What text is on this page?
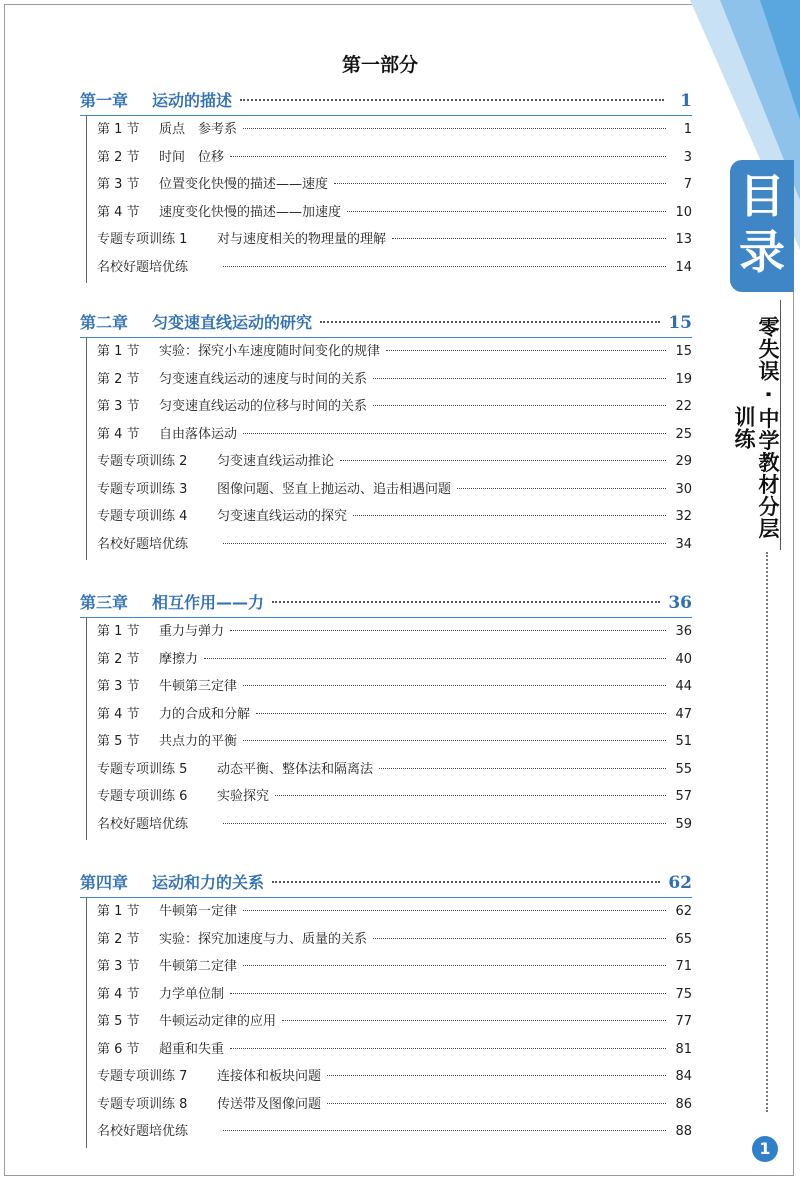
目
录
零失误 · 中学教材分层训练
第一部分
第一章	运动的描述	1
第 1 节	质点　参考系	1
第 2 节	时间　位移	3
第 3 节	位置变化快慢的描述——速度	7
第 4 节	速度变化快慢的描述——加速度	10
专题专项训练 1	对与速度相关的物理量的理解	13
名校好题培优练	14
第二章	匀变速直线运动的研究	15
第 1 节	实验：探究小车速度随时间变化的规律	15
第 2 节	匀变速直线运动的速度与时间的关系	19
第 3 节	匀变速直线运动的位移与时间的关系	22
第 4 节	自由落体运动	25
专题专项训练 2	匀变速直线运动推论	29
专题专项训练 3	图像问题、竖直上抛运动、追击相遇问题	30
专题专项训练 4	匀变速直线运动的探究	32
名校好题培优练	34
第三章	相互作用——力	36
第 1 节	重力与弹力	36
第 2 节	摩擦力	40
第 3 节	牛顿第三定律	44
第 4 节	力的合成和分解	47
第 5 节	共点力的平衡	51
专题专项训练 5	动态平衡、整体法和隔离法	55
专题专项训练 6	实验探究	57
名校好题培优练	59
第四章	运动和力的关系	62
第 1 节	牛顿第一定律	62
第 2 节	实验：探究加速度与力、质量的关系	65
第 3 节	牛顿第二定律	71
第 4 节	力学单位制	75
第 5 节	牛顿运动定律的应用	77
第 6 节	超重和失重	81
专题专项训练 7	连接体和板块问题	84
专题专项训练 8	传送带及图像问题	86
名校好题培优练	88
1
